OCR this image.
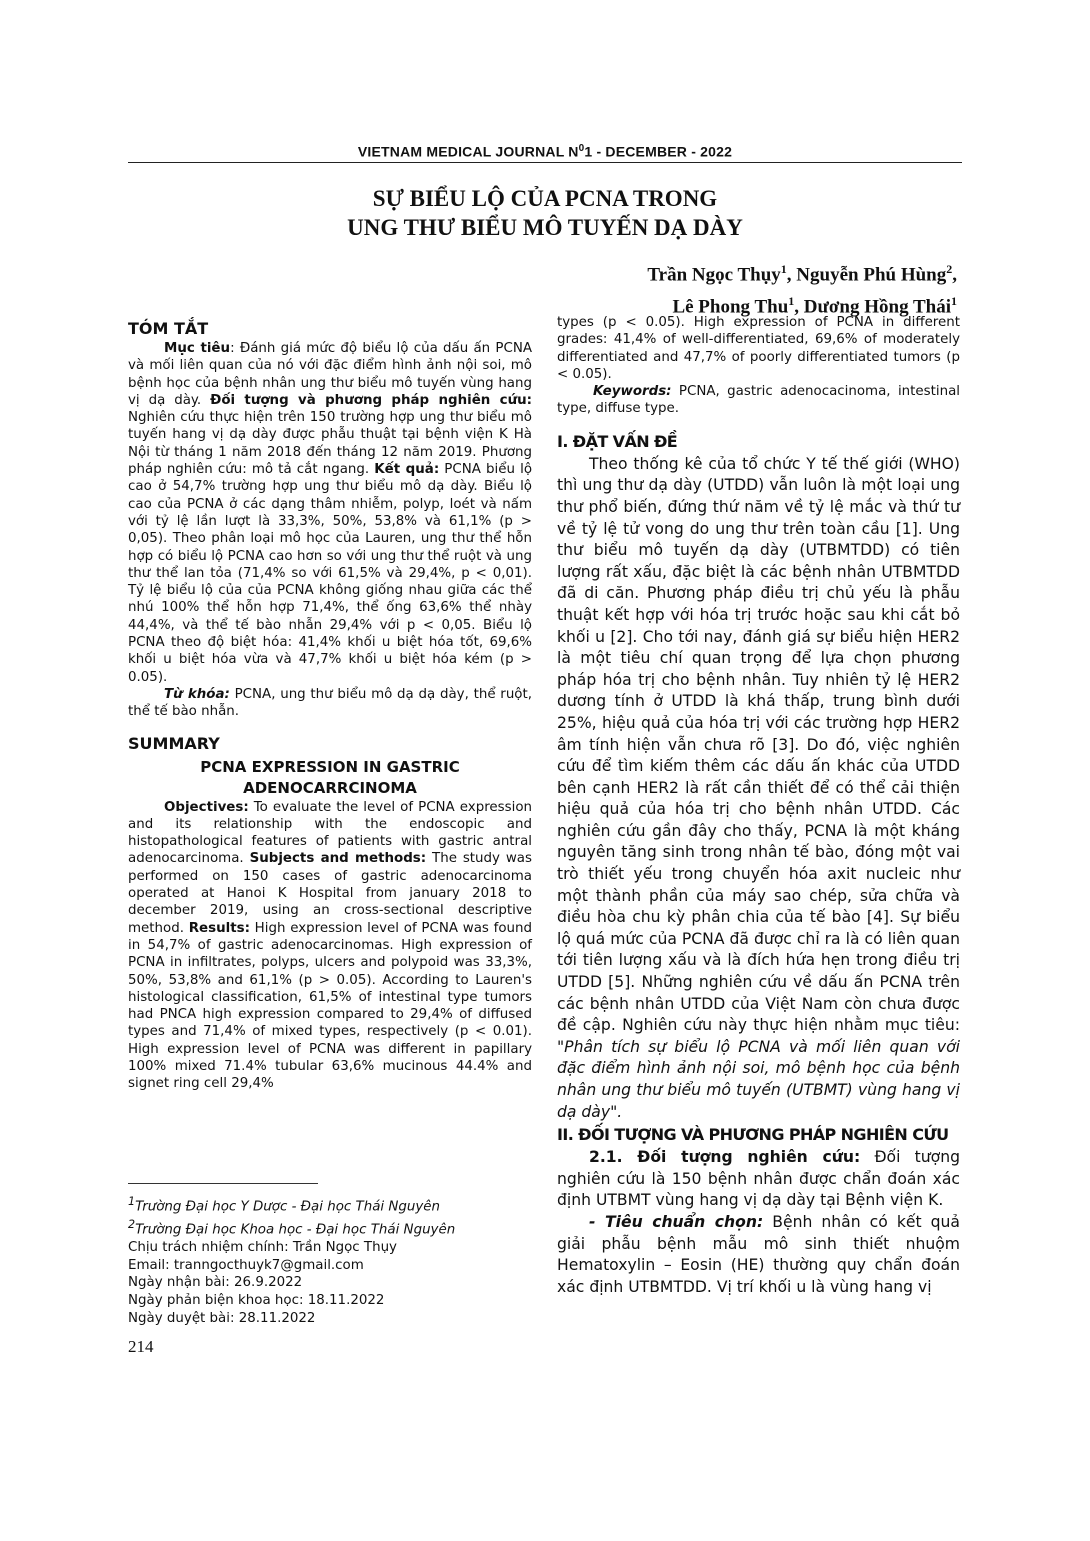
VIETNAM MEDICAL JOURNAL $N^01$ - DECEMBER - 2022
SỰ BIỂU LỘ CỦA PCNA TRONG
UNG THƯ BIỂU MÔ TUYẾN DẠ DÀY
Trần Ngọc Thụy$^1$, Nguyễn Phú Hùng$^2$,
Lê Phong Thu$^1$, Dương Hồng Thái$^1$

TÓM TẮT

Mục tiêu: Đánh giá mức độ biểu lộ của dấu ấn PCNA và mối liên quan của nó với đặc điểm hình ảnh nội soi, mô bệnh học của bệnh nhân ung thư biểu mô tuyến vùng hang vị dạ dày. Đối tượng và phương pháp nghiên cứu: Nghiên cứu thực hiện trên 150 trường hợp ung thư biểu mô tuyến hang vị dạ dày được phẫu thuật tại bệnh viện K Hà Nội từ tháng 1 năm 2018 đến tháng 12 năm 2019. Phương pháp nghiên cứu: mô tả cắt ngang. Kết quả: PCNA biểu lộ cao ở 54,7% trường hợp ung thư biểu mô dạ dày. Biểu lộ cao của PCNA ở các dạng thâm nhiễm, polyp, loét và nấm với tỷ lệ lần lượt là 33,3%, 50%, 53,8% và 61,1% (p > 0,05). Theo phân loại mô học của Lauren, ung thư thể hỗn hợp có biểu lộ PCNA cao hơn so với ung thư thể ruột và ung thư thể lan tỏa (71,4% so với 61,5% và 29,4%, p < 0,01). Tỷ lệ biểu lộ của của PCNA không giống nhau giữa các thể nhú 100% thể hỗn hợp 71,4%, thể ống 63,6% thể nhày 44,4%, và thể tế bào nhẫn 29,4% với p < 0,05. Biểu lộ PCNA theo độ biệt hóa: 41,4% khối u biệt hóa tốt, 69,6% khối u biệt hóa vừa và 47,7% khối u biệt hóa kém (p > 0.05).

Từ khóa: PCNA, ung thư biểu mô dạ dạ dày, thể ruột, thể tế bào nhẫn.

SUMMARY

PCNA EXPRESSION IN GASTRIC
ADENOCARRCINOMA

Objectives: To evaluate the level of PCNA expression and its relationship with the endoscopic and histopathological features of patients with gastric antral adenocarcinoma. Subjects and methods: The study was performed on 150 cases of gastric adenocarcinoma operated at Hanoi K Hospital from january 2018 to december 2019, using an cross-sectional descriptive method. Results: High expression level of PCNA was found in 54,7% of gastric adenocarcinomas. High expression of PCNA in infiltrates, polyps, ulcers and polypoid was 33,3%, 50%, 53,8% and 61,1% (p > 0.05). According to Lauren's histological classification, 61,5% of intestinal type tumors had PNCA high expression compared to 29,4% of diffused types and 71,4% of mixed types, respectively (p < 0.01). High expression level of PCNA was different in papillary 100% mixed 71.4% tubular 63,6% mucinous 44.4% and signet ring cell 29,4%

$^1$Trường Đại học Y Dược - Đại học Thái Nguyên

$^2$Trường Đại học Khoa học - Đại học Thái Nguyên

Chịu trách nhiệm chính: Trần Ngọc Thụy

Email: tranngocthuyk7@gmail.com

Ngày nhận bài: 26.9.2022

Ngày phản biện khoa học: 18.11.2022

Ngày duyệt bài: 28.11.2022

types (p < 0.05). High expression of PCNA in different grades: 41,4% of well-differentiated, 69,6% of moderately differentiated and 47,7% of poorly differentiated tumors (p < 0.05).

Keywords: PCNA, gastric adenocacinoma, intestinal type, diffuse type.

I. ĐẶT VẤN ĐỀ

Theo thống kê của tổ chức Y tế thế giới (WHO) thì ung thư dạ dày (UTDD) vẫn luôn là một loại ung thư phổ biến, đứng thứ năm về tỷ lệ mắc và thứ tư về tỷ lệ tử vong do ung thư trên toàn cầu [1]. Ung thư biểu mô tuyến dạ dày (UTBMTDD) có tiên lượng rất xấu, đặc biệt là các bệnh nhân UTBMTDD đã di căn. Phương pháp điều trị chủ yếu là phẫu thuật kết hợp với hóa trị trước hoặc sau khi cắt bỏ khối u [2]. Cho tới nay, đánh giá sự biểu hiện HER2 là một tiêu chí quan trọng để lựa chọn phương pháp hóa trị cho bệnh nhân. Tuy nhiên tỷ lệ HER2 dương tính ở UTDD là khá thấp, trung bình dưới 25%, hiệu quả của hóa trị với các trường hợp HER2 âm tính hiện vẫn chưa rõ [3]. Do đó, việc nghiên cứu để tìm kiếm thêm các dấu ấn khác của UTDD bên cạnh HER2 là rất cần thiết để có thể cải thiện hiệu quả của hóa trị cho bệnh nhân UTDD. Các nghiên cứu gần đây cho thấy, PCNA là một kháng nguyên tăng sinh trong nhân tế bào, đóng một vai trò thiết yếu trong chuyển hóa axit nucleic như một thành phần của máy sao chép, sửa chữa và điều hòa chu kỳ phân chia của tế bào [4]. Sự biểu lộ quá mức của PCNA đã được chỉ ra là có liên quan tới tiên lượng xấu và là đích hứa hẹn trong điều trị UTDD [5]. Những nghiên cứu về dấu ấn PCNA trên các bệnh nhân UTDD của Việt Nam còn chưa được đề cập. Nghiên cứu này thực hiện nhằm mục tiêu: "Phân tích sự biểu lộ PCNA và mối liên quan với đặc điểm hình ảnh nội soi, mô bệnh học của bệnh nhân ung thư biểu mô tuyến (UTBMT) vùng hang vị dạ dày".

II. ĐỐI TƯỢNG VÀ PHƯƠNG PHÁP NGHIÊN CỨU

2.1. Đối tượng nghiên cứu: Đối tượng nghiên cứu là 150 bệnh nhân được chẩn đoán xác định UTBMT vùng hang vị dạ dày tại Bệnh viện K.

- Tiêu chuẩn chọn: Bệnh nhân có kết quả giải phẫu bệnh mẫu mô sinh thiết nhuộm Hematoxylin – Eosin (HE) thường quy chẩn đoán xác định UTBMTDD. Vị trí khối u là vùng hang vị

214
